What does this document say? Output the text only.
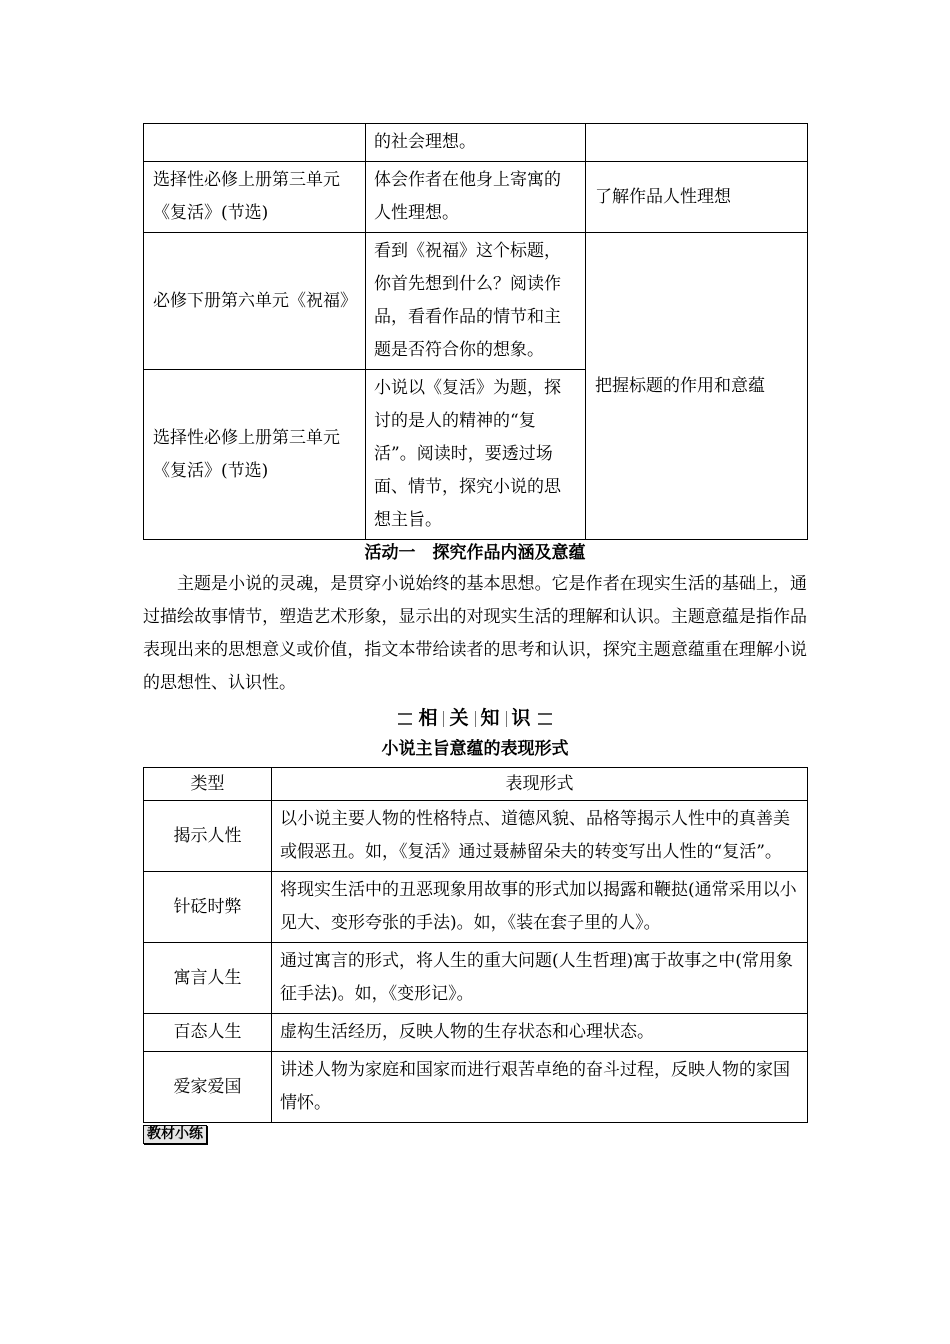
	的社会理想。	
选择性必修上册第三单元《复活》(节选)	体会作者在他身上寄寓的人性理想。	了解作品人性理想
必修下册第六单元《祝福》	看到《祝福》这个标题，你首先想到什么？阅读作品，看看作品的情节和主题是否符合你的想象。	把握标题的作用和意蕴
选择性必修上册第三单元《复活》(节选)	小说以《复活》为题，探讨的是人的精神的“复活”。阅读时，要透过场面、情节，探究小说的思想主旨。	
活动一　探究作品内涵及意蕴

主题是小说的灵魂，是贯穿小说始终的基本思想。它是作者在现实生活的基础上，通过描绘故事情节，塑造艺术形象，显示出的对现实生活的理解和认识。主题意蕴是指作品表现出来的思想意义或价值，指文本带给读者的思考和认识，探究主题意蕴重在理解小说的思想性、认识性。

相 关 知 识
小说主旨意蕴的表现形式
类型	表现形式
揭示人性	以小说主要人物的性格特点、道德风貌、品格等揭示人性中的真善美或假恶丑。如，《复活》通过聂赫留朵夫的转变写出人性的“复活”。
针砭时弊	将现实生活中的丑恶现象用故事的形式加以揭露和鞭挞(通常采用以小见大、变形夸张的手法)。如，《装在套子里的人》。
寓言人生	通过寓言的形式，将人生的重大问题(人生哲理)寓于故事之中(常用象征手法)。如，《变形记》。
百态人生	虚构生活经历，反映人物的生存状态和心理状态。
爱家爱国	讲述人物为家庭和国家而进行艰苦卓绝的奋斗过程，反映人物的家国情怀。
教材小练
